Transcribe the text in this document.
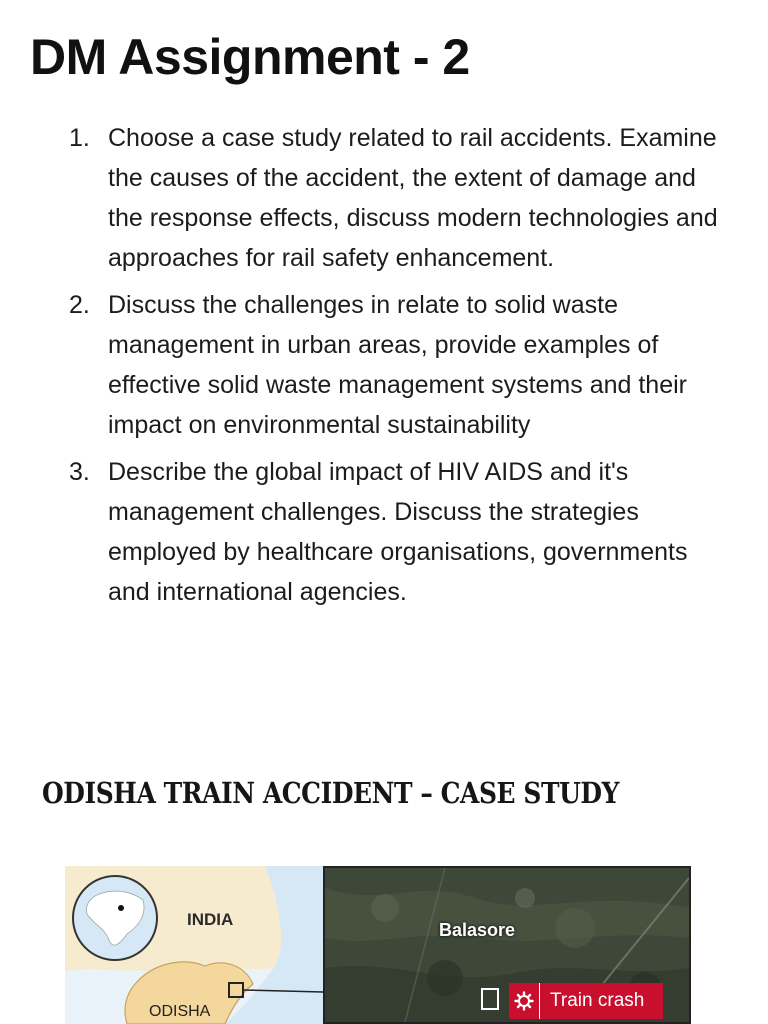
DM Assignment - 2
1. Choose a case study related to rail accidents. Examine the causes of the accident, the extent of damage and the response effects, discuss modern technologies and approaches for rail safety enhancement.
2. Discuss the challenges in relate to solid waste management in urban areas, provide examples of effective solid waste management systems and their impact on environmental sustainability
3. Describe the global impact of HIV AIDS and it's management challenges. Discuss the strategies employed by healthcare organisations, governments and international agencies.
ODISHA TRAIN ACCIDENT – CASE STUDY
INDIA
ODISHA
Balasore
Train crash
